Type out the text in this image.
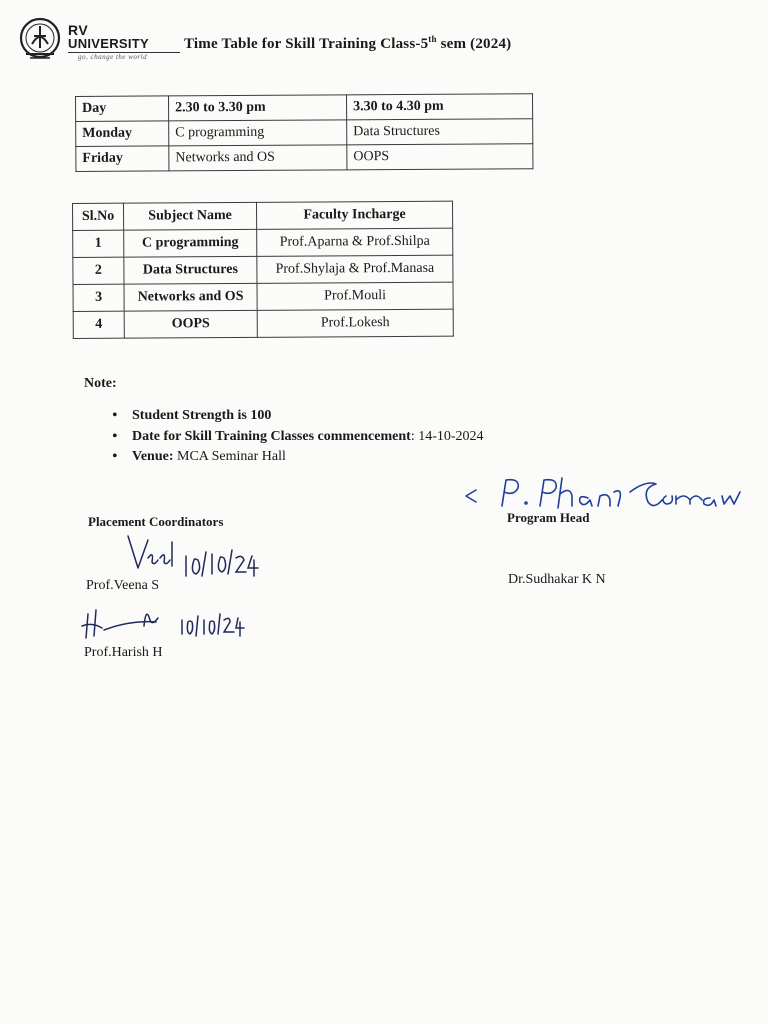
RV
UNIVERSITY
go, change the world
Time Table for Skill Training Class-5th sem (2024)
Day	2.30 to 3.30 pm	3.30 to 4.30 pm
Monday	C programming	Data Structures
Friday	Networks and OS	OOPS
Sl.No	Subject Name	Faculty Incharge
1	C programming	Prof.Aparna & Prof.Shilpa
2	Data Structures	Prof.Shylaja & Prof.Manasa
3	Networks and OS	Prof.Mouli
4	OOPS	Prof.Lokesh
Note:
• Student Strength is 100
• Date for Skill Training Classes commencement: 14-10-2024
• Venue: MCA Seminar Hall
Placement Coordinators	Program Head
Prof.Veena S
Prof.Harish H
Dr.Sudhakar K N
